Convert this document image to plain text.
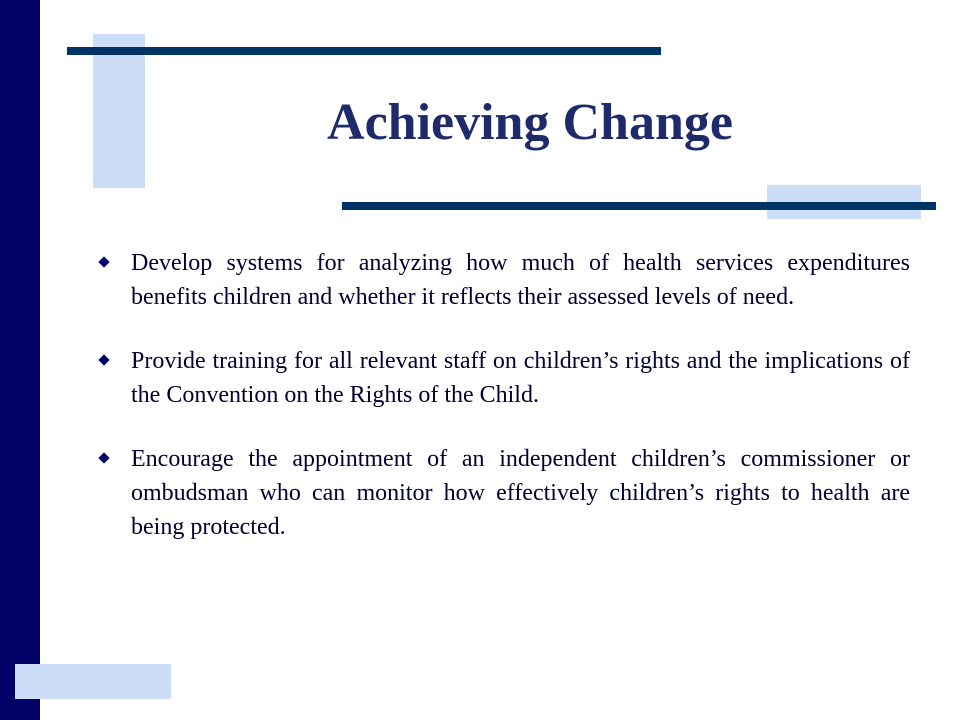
Achieving Change
Develop systems for analyzing how much of health services expenditures benefits children and whether it reflects their assessed levels of need.
Provide training for all relevant staff on children’s rights and the implications of the Convention on the Rights of the Child.
Encourage the appointment of an independent children’s commissioner or ombudsman who can monitor how effectively children’s rights to health are being protected.
